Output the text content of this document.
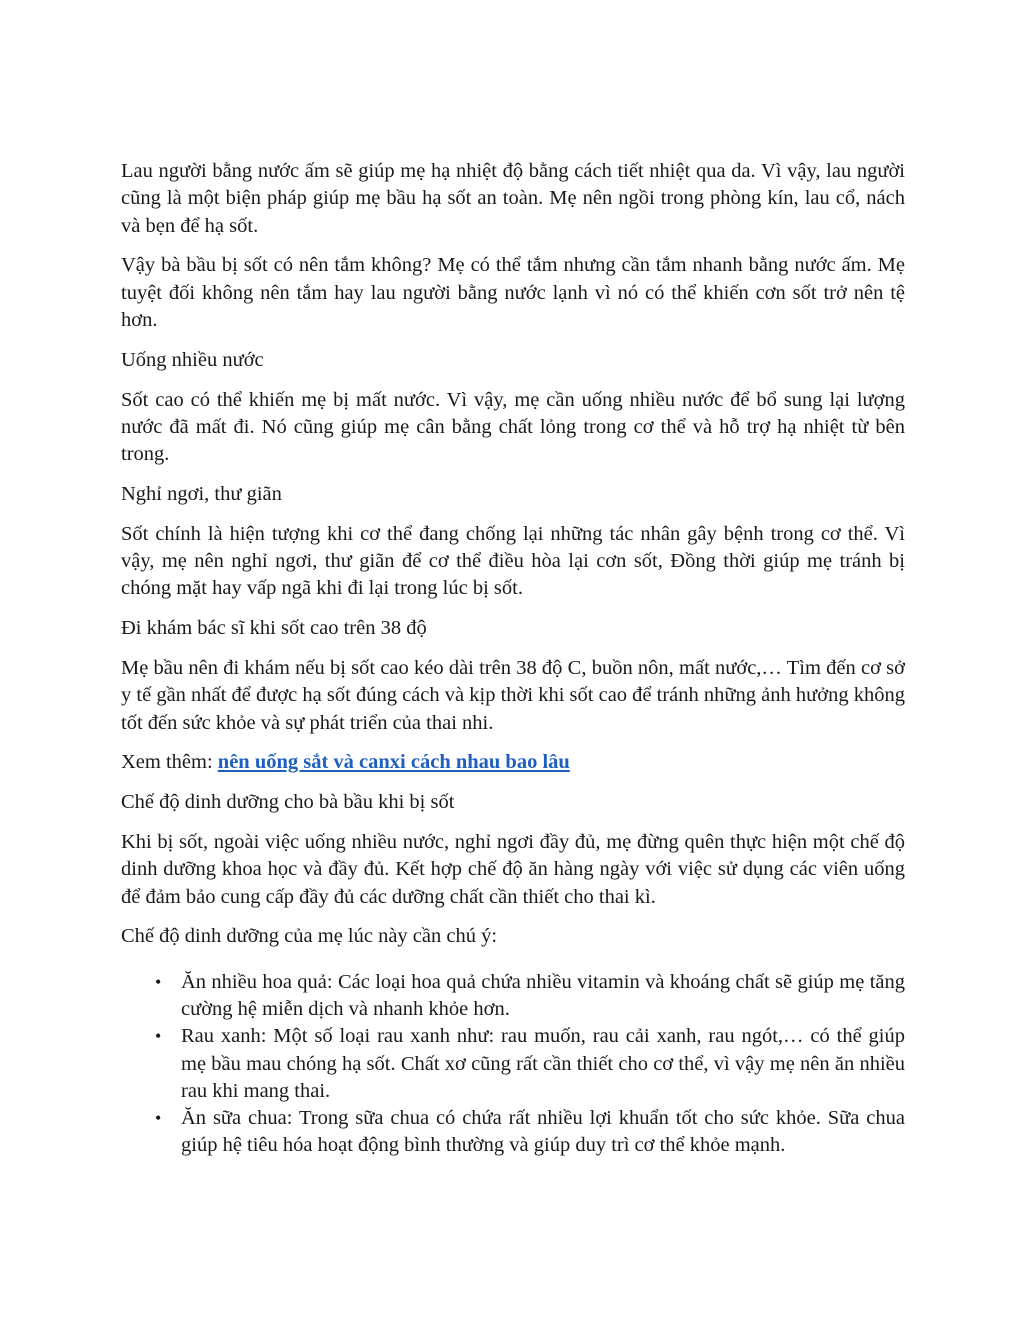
Lau người bằng nước ấm sẽ giúp mẹ hạ nhiệt độ bằng cách tiết nhiệt qua da. Vì vậy, lau người cũng là một biện pháp giúp mẹ bầu hạ sốt an toàn. Mẹ nên ngồi trong phòng kín, lau cổ, nách và bẹn để hạ sốt.

Vậy bà bầu bị sốt có nên tắm không? Mẹ có thể tắm nhưng cần tắm nhanh bằng nước ấm. Mẹ tuyệt đối không nên tắm hay lau người bằng nước lạnh vì nó có thể khiến cơn sốt trở nên tệ hơn.

Uống nhiều nước

Sốt cao có thể khiến mẹ bị mất nước. Vì vậy, mẹ cần uống nhiều nước để bổ sung lại lượng nước đã mất đi. Nó cũng giúp mẹ cân bằng chất lỏng trong cơ thể và hỗ trợ hạ nhiệt từ bên trong.

Nghỉ ngơi, thư giãn

Sốt chính là hiện tượng khi cơ thể đang chống lại những tác nhân gây bệnh trong cơ thể. Vì vậy, mẹ nên nghỉ ngơi, thư giãn để cơ thể điều hòa lại cơn sốt, Đồng thời giúp mẹ tránh bị chóng mặt hay vấp ngã khi đi lại trong lúc bị sốt.

Đi khám bác sĩ khi sốt cao trên 38 độ

Mẹ bầu nên đi khám nếu bị sốt cao kéo dài trên 38 độ C, buồn nôn, mất nước,… Tìm đến cơ sở y tế gần nhất để được hạ sốt đúng cách và kịp thời khi sốt cao để tránh những ảnh hưởng không tốt đến sức khỏe và sự phát triển của thai nhi.

Xem thêm: nên uống sắt và canxi cách nhau bao lâu

Chế độ dinh dưỡng cho bà bầu khi bị sốt

Khi bị sốt, ngoài việc uống nhiều nước, nghỉ ngơi đầy đủ, mẹ đừng quên thực hiện một chế độ dinh dưỡng khoa học và đầy đủ. Kết hợp chế độ ăn hàng ngày với việc sử dụng các viên uống để đảm bảo cung cấp đầy đủ các dưỡng chất cần thiết cho thai kì.

Chế độ dinh dưỡng của mẹ lúc này cần chú ý:

• Ăn nhiều hoa quả: Các loại hoa quả chứa nhiều vitamin và khoáng chất sẽ giúp mẹ tăng cường hệ miễn dịch và nhanh khỏe hơn.
• Rau xanh: Một số loại rau xanh như: rau muốn, rau cải xanh, rau ngót,… có thể giúp mẹ bầu mau chóng hạ sốt. Chất xơ cũng rất cần thiết cho cơ thể, vì vậy mẹ nên ăn nhiều rau khi mang thai.
• Ăn sữa chua: Trong sữa chua có chứa rất nhiều lợi khuẩn tốt cho sức khỏe. Sữa chua giúp hệ tiêu hóa hoạt động bình thường và giúp duy trì cơ thể khỏe mạnh.
